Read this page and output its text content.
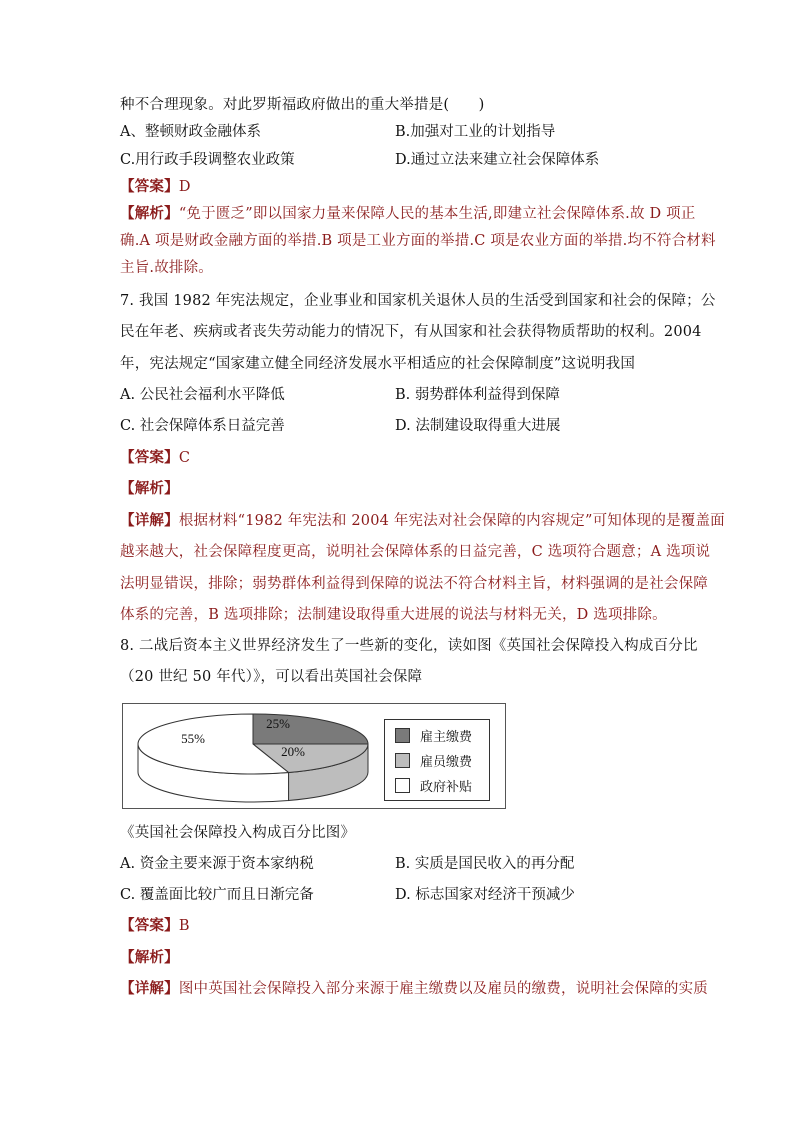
种不合理现象。对此罗斯福政府做出的重大举措是(　　)
A、整顿财政金融体系	B.加强对工业的计划指导
C.用行政手段调整农业政策	D.通过立法来建立社会保障体系
【答案】D
【解析】“免于匮乏”即以国家力量来保障人民的基本生活,即建立社会保障体系.故 D 项正
确.A 项是财政金融方面的举措.B 项是工业方面的举措.C 项是农业方面的举措.均不符合材料
主旨.故排除。
7. 我国 1982 年宪法规定，企业事业和国家机关退休人员的生活受到国家和社会的保障；公
民在年老、疾病或者丧失劳动能力的情况下，有从国家和社会获得物质帮助的权利。2004
年，宪法规定“国家建立健全同经济发展水平相适应的社会保障制度”这说明我国
A. 公民社会福利水平降低	B. 弱势群体利益得到保障
C. 社会保障体系日益完善	D. 法制建设取得重大进展
【答案】C
【解析】
【详解】根据材料“1982 年宪法和 2004 年宪法对社会保障的内容规定”可知体现的是覆盖面
越来越大，社会保障程度更高，说明社会保障体系的日益完善，C 选项符合题意；A 选项说
法明显错误，排除；弱势群体利益得到保障的说法不符合材料主旨，材料强调的是社会保障
体系的完善，B 选项排除；法制建设取得重大进展的说法与材料无关，D 选项排除。
8. 二战后资本主义世界经济发生了一些新的变化，读如图《英国社会保障投入构成百分比
（20 世纪 50 年代）》，可以看出英国社会保障
25%
20%
55%	雇主缴费
雇员缴费
政府补贴
《英国社会保障投入构成百分比图》
A. 资金主要来源于资本家纳税	B. 实质是国民收入的再分配
C. 覆盖面比较广而且日渐完备	D. 标志国家对经济干预减少
【答案】B
【解析】
【详解】图中英国社会保障投入部分来源于雇主缴费以及雇员的缴费，说明社会保障的实质
